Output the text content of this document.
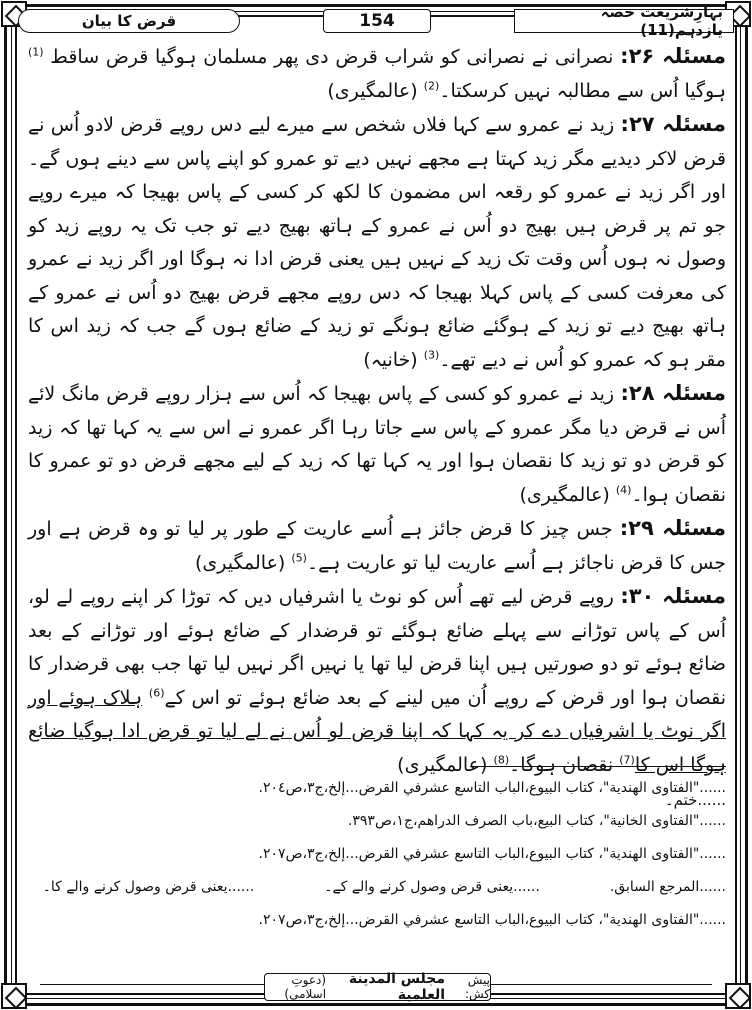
بہارِشریعت حصہ یازدہم(11)
154
قرض کا بیان

مسئلہ ۲۶: نصرانی نے نصرانی کو شراب قرض دی پھر مسلمان ہوگیا قرض ساقط $^{(1)}$ ہوگیا اُس سے مطالبہ نہیں کرسکتا۔$^{(2)}$ (عالمگیری)

مسئلہ ۲۷: زید نے عمرو سے کہا فلاں شخص سے میرے لیے دس روپے قرض لادو اُس نے قرض لاکر دیدیے مگر زید کہتا ہے مجھے نہیں دیے تو عمرو کو اپنے پاس سے دینے ہوں گے۔اور اگر زید نے عمرو کو رقعہ اس مضمون کا لکھ کر کسی کے پاس بھیجا کہ میرے روپے جو تم پر قرض ہیں بھیج دو اُس نے عمرو کے ہاتھ بھیج دیے تو جب تک یہ روپے زید کو وصول نہ ہوں اُس وقت تک زید کے نہیں ہیں یعنی قرض ادا نہ ہوگا اور اگر زید نے عمرو کی معرفت کسی کے پاس کہلا بھیجا کہ دس روپے مجھے قرض بھیج دو اُس نے عمرو کے ہاتھ بھیج دیے تو زید کے ہوگئے ضائع ہونگے تو زید کے ضائع ہوں گے جب کہ زید اس کا مقر ہو کہ عمرو کو اُس نے دیے تھے۔$^{(3)}$ (خانیہ)

مسئلہ ۲۸: زید نے عمرو کو کسی کے پاس بھیجا کہ اُس سے ہزار روپے قرض مانگ لائے اُس نے قرض دیا مگر عمرو کے پاس سے جاتا رہا اگر عمرو نے اس سے یہ کہا تھا کہ زید کو قرض دو تو زید کا نقصان ہوا اور یہ کہا تھا کہ زید کے لیے مجھے قرض دو تو عمرو کا نقصان ہوا۔$^{(4)}$ (عالمگیری)

مسئلہ ۲۹: جس چیز کا قرض جائز ہے اُسے عاریت کے طور پر لیا تو وہ قرض ہے اور جس کا قرض ناجائز ہے اُسے عاریت لیا تو عاریت ہے۔$^{(5)}$ (عالمگیری)

مسئلہ ۳۰: روپے قرض لیے تھے اُس کو نوٹ یا اشرفیاں دیں کہ توڑا کر اپنے روپے لے لو، اُس کے پاس توڑانے سے پہلے ضائع ہوگئے تو قرضدار کے ضائع ہوئے اور توڑانے کے بعد ضائع ہوئے تو دو صورتیں ہیں اپنا قرض لیا تھا یا نہیں اگر نہیں لیا تھا جب بھی قرضدار کا نقصان ہوا اور قرض کے روپے اُن میں لینے کے بعد ضائع ہوئے تو اس کے$^{(6)}$ ہلاک ہوئے اور اگر نوٹ یا اشرفیاں دے کر یہ کہا کہ اپنا قرض لو اُس نے لے لیا تو قرض ادا ہوگیا ضائع ہوگا اس کا$^{(7)}$ نقصان ہوگا۔$^{(8)}$ (عالمگیری)

......ختم۔
......"الفتاوی الهندية"، كتاب البيوع،الباب التاسع عشرفي القرض...إلخ،ج٣،ص٢٠٤.
......"الفتاوى الخانية"، كتاب البيع،باب الصرف الدراهم،ج١،ص٣٩٣.
......"الفتاوی الهندية"، كتاب البيوع،الباب التاسع عشرفي القرض...إلخ،ج٣،ص٢٠٧.
......المرجع السابق.
......یعنی قرض وصول کرنے والے کے۔
......یعنی قرض وصول کرنے والے کا۔
......"الفتاوی الهندية"، كتاب البيوع،الباب التاسع عشرفي القرض...إلخ،ج٣،ص٢٠٧.
پیش کش:
مجلس المدينة العلمية
(دعوتِ اسلامی)
